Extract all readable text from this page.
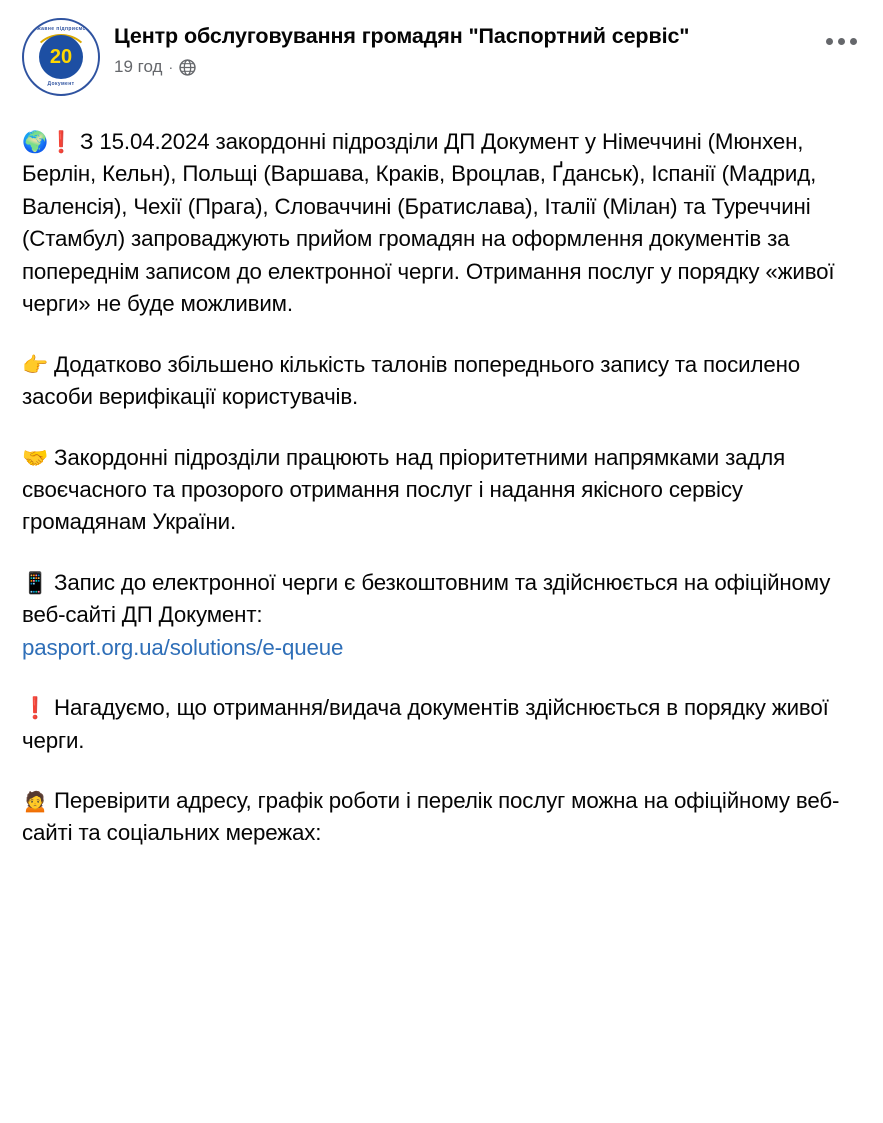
Державне підприємство
20
Документ
Центр обслуговування громадян "Паспортний сервіс"
19 год ·

🌍❗ З 15.04.2024 закордонні підрозділи ДП Документ у Німеччині (Мюнхен, Берлін, Кельн), Польщі (Варшава, Краків, Вроцлав, Ґданськ), Іспанії (Мадрид, Валенсія), Чехії (Прага), Словаччині (Братислава), Італії (Мілан) та Туреччині (Стамбул) запроваджують прийом громадян на оформлення документів за попереднім записом до електронної черги. Отримання послуг у порядку «живої черги» не буде можливим.

👉 Додатково збільшено кількість талонів попереднього запису та посилено засоби верифікації користувачів.

🤝 Закордонні підрозділи працюють над пріоритетними напрямками задля своєчасного та прозорого отримання послуг і надання якісного сервісу громадянам України.

📱 Запис до електронної черги є безкоштовним та здійснюється на офіційному веб-сайті ДП Документ:
pasport.org.ua/solutions/e-queue

❗ Нагадуємо, що отримання/видача документів здійснюється в порядку живої черги.

🙍 Перевірити адресу, графік роботи і перелік послуг можна на офіційному веб-сайті та соціальних мережах:
